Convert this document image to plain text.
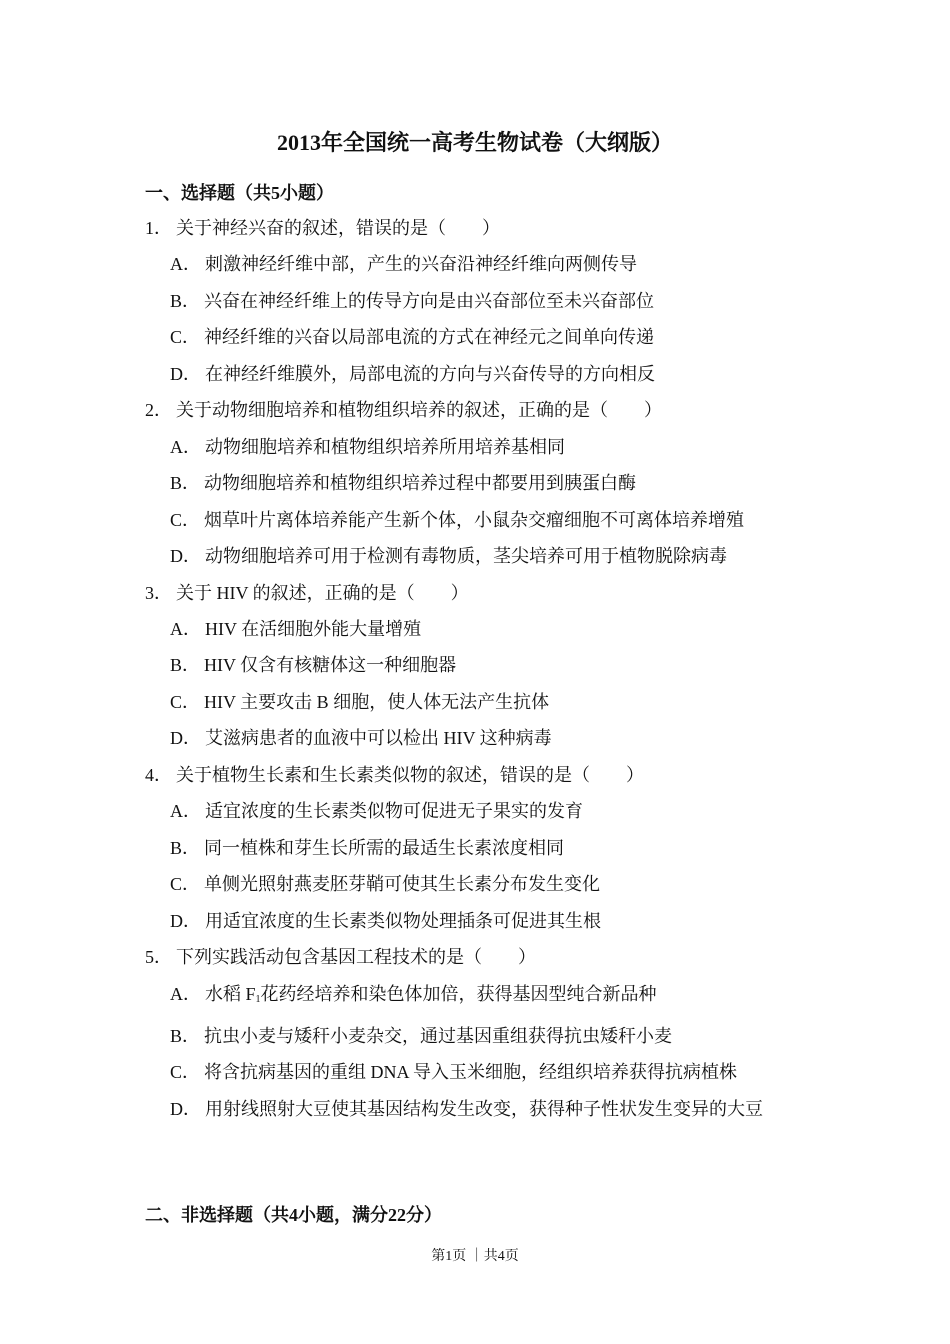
2013年全国统一高考生物试卷（大纲版）
一、选择题（共5小题）
1． 关于神经兴奋的叙述，错误的是（　　）
A． 刺激神经纤维中部，产生的兴奋沿神经纤维向两侧传导
B． 兴奋在神经纤维上的传导方向是由兴奋部位至未兴奋部位
C． 神经纤维的兴奋以局部电流的方式在神经元之间单向传递
D． 在神经纤维膜外，局部电流的方向与兴奋传导的方向相反
2． 关于动物细胞培养和植物组织培养的叙述，正确的是（　　）
A． 动物细胞培养和植物组织培养所用培养基相同
B． 动物细胞培养和植物组织培养过程中都要用到胰蛋白酶
C． 烟草叶片离体培养能产生新个体，小鼠杂交瘤细胞不可离体培养增殖
D． 动物细胞培养可用于检测有毒物质，茎尖培养可用于植物脱除病毒
3． 关于 HIV 的叙述，正确的是（　　）
A． HIV 在活细胞外能大量增殖
B． HIV 仅含有核糖体这一种细胞器
C． HIV 主要攻击 B 细胞，使人体无法产生抗体
D． 艾滋病患者的血液中可以检出 HIV 这种病毒
4． 关于植物生长素和生长素类似物的叙述，错误的是（　　）
A． 适宜浓度的生长素类似物可促进无子果实的发育
B． 同一植株和芽生长所需的最适生长素浓度相同
C． 单侧光照射燕麦胚芽鞘可使其生长素分布发生变化
D． 用适宜浓度的生长素类似物处理插条可促进其生根
5． 下列实践活动包含基因工程技术的是（　　）
A． 水稻 $F_1$花药经培养和染色体加倍，获得基因型纯合新品种
B． 抗虫小麦与矮秆小麦杂交，通过基因重组获得抗虫矮秆小麦
C． 将含抗病基因的重组 DNA 导入玉米细胞，经组织培养获得抗病植株
D． 用射线照射大豆使其基因结构发生改变，获得种子性状发生变异的大豆
二、非选择题（共4小题，满分22分）
第1页 ｜共4页
